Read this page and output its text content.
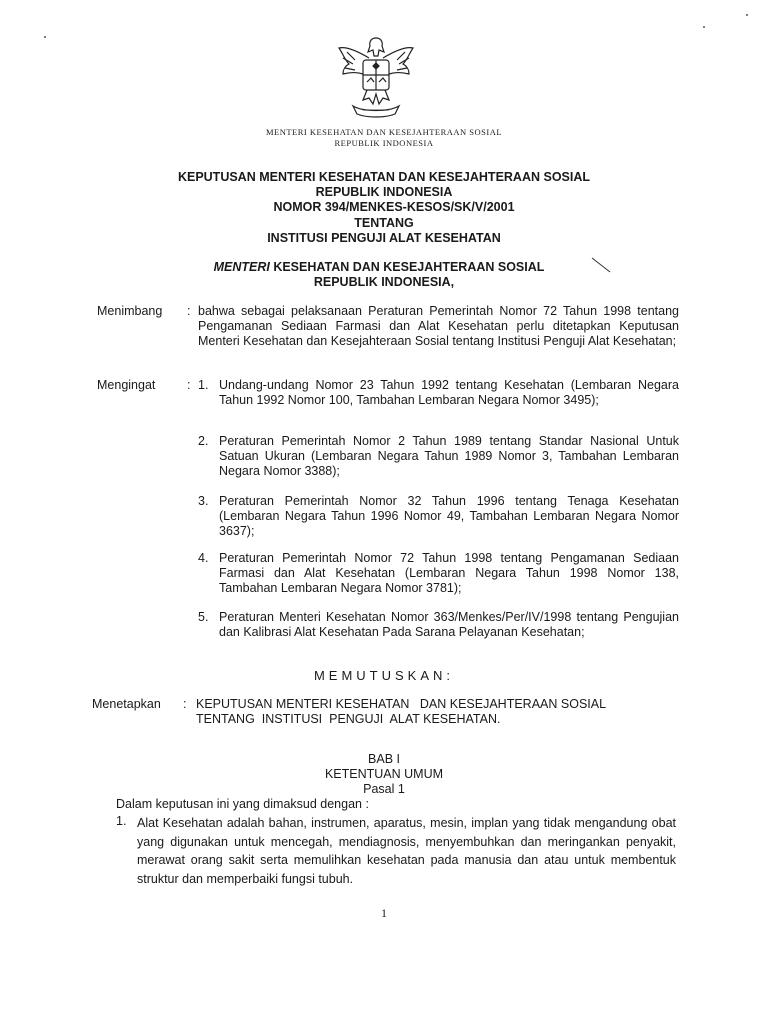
MENTERI KESEHATAN DAN KESEJAHTERAAN SOSIAL
REPUBLIK INDONESIA
KEPUTUSAN MENTERI KESEHATAN DAN KESEJAHTERAAN SOSIAL
REPUBLIK INDONESIA
NOMOR 394/MENKES-KESOS/SK/V/2001
TENTANG
INSTITUSI PENGUJI ALAT KESEHATAN
MENTERI KESEHATAN DAN KESEJAHTERAAN SOSIAL
REPUBLIK INDONESIA,
Menimbang : bahwa sebagai pelaksanaan Peraturan Pemerintah Nomor 72 Tahun 1998 tentang Pengamanan Sediaan Farmasi dan Alat Kesehatan perlu ditetapkan Keputusan Menteri Kesehatan dan Kesejahteraan Sosial tentang Institusi Penguji Alat Kesehatan;
Mengingat	: 1. Undang-undang Nomor 23 Tahun 1992 tentang Kesehatan (Lembaran Negara Tahun 1992 Nomor 100, Tambahan Lembaran Negara Nomor 3495);
2. Peraturan Pemerintah Nomor 2 Tahun 1989 tentang Standar Nasional Untuk Satuan Ukuran (Lembaran Negara Tahun 1989 Nomor 3, Tambahan Lembaran Negara Nomor 3388);
3. Peraturan Pemerintah Nomor 32 Tahun 1996 tentang Tenaga Kesehatan (Lembaran Negara Tahun 1996 Nomor 49, Tambahan Lembaran Negara Nomor 3637);
4. Peraturan Pemerintah Nomor 72 Tahun 1998 tentang Pengamanan Sediaan Farmasi dan Alat Kesehatan (Lembaran Negara Tahun 1998 Nomor 138, Tambahan Lembaran Negara Nomor 3781);
5. Peraturan Menteri Kesehatan Nomor 363/Menkes/Per/IV/1998 tentang Pengujian dan Kalibrasi Alat Kesehatan Pada Sarana Pelayanan Kesehatan;
MEMUTUSKAN:
Menetapkan : KEPUTUSAN MENTERI KESEHATAN   DAN KESEJAHTERAAN SOSIAL
TENTANG  INSTITUSI  PENGUJI  ALAT KESEHATAN.
BAB I
KETENTUAN UMUM
Pasal 1
Dalam keputusan ini yang dimaksud dengan :
1. Alat Kesehatan adalah bahan, instrumen, aparatus, mesin, implan yang tidak mengandung obat yang digunakan untuk mencegah, mendiagnosis, menyembuhkan dan meringankan penyakit, merawat orang sakit serta memulihkan kesehatan pada manusia dan atau untuk membentuk struktur dan memperbaiki fungsi tubuh.
1
